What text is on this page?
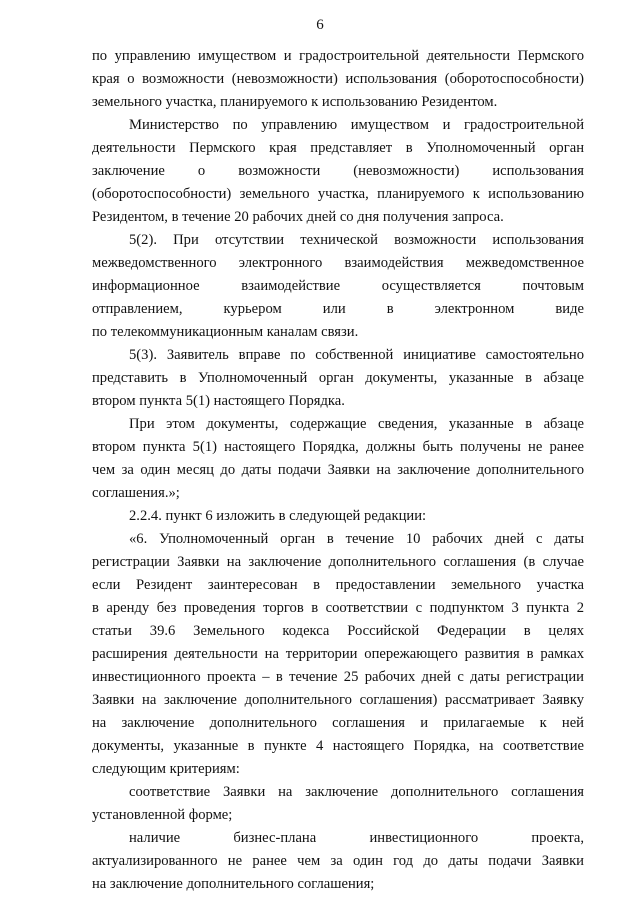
6
по управлению имуществом и градостроительной деятельности Пермского
края о возможности (невозможности) использования (оборотоспособности)
земельного участка, планируемого к использованию Резидентом.
Министерство по управлению имуществом и градостроительной
деятельности Пермского края представляет в Уполномоченный орган
заключение о возможности (невозможности) использования
(оборотоспособности) земельного участка, планируемого к использованию
Резидентом, в течение 20 рабочих дней со дня получения запроса.
5(2). При отсутствии технической возможности использования
межведомственного электронного взаимодействия межведомственное
информационное взаимодействие осуществляется почтовым
отправлением, курьером или в электронном виде
по телекоммуникационным каналам связи.
5(3). Заявитель вправе по собственной инициативе самостоятельно
представить в Уполномоченный орган документы, указанные в абзаце
втором пункта 5(1) настоящего Порядка.
При этом документы, содержащие сведения, указанные в абзаце
втором пункта 5(1) настоящего Порядка, должны быть получены не ранее
чем за один месяц до даты подачи Заявки на заключение дополнительного
соглашения.»;
2.2.4. пункт 6 изложить в следующей редакции:
«6. Уполномоченный орган в течение 10 рабочих дней с даты
регистрации Заявки на заключение дополнительного соглашения (в случае
если Резидент заинтересован в предоставлении земельного участка
в аренду без проведения торгов в соответствии с подпунктом 3 пункта 2
статьи 39.6 Земельного кодекса Российской Федерации в целях
расширения деятельности на территории опережающего развития в рамках
инвестиционного проекта – в течение 25 рабочих дней с даты регистрации
Заявки на заключение дополнительного соглашения) рассматривает Заявку
на заключение дополнительного соглашения и прилагаемые к ней
документы, указанные в пункте 4 настоящего Порядка, на соответствие
следующим критериям:
соответствие Заявки на заключение дополнительного соглашения
установленной форме;
наличие бизнес-плана инвестиционного проекта,
актуализированного не ранее чем за один год до даты подачи Заявки
на заключение дополнительного соглашения;
